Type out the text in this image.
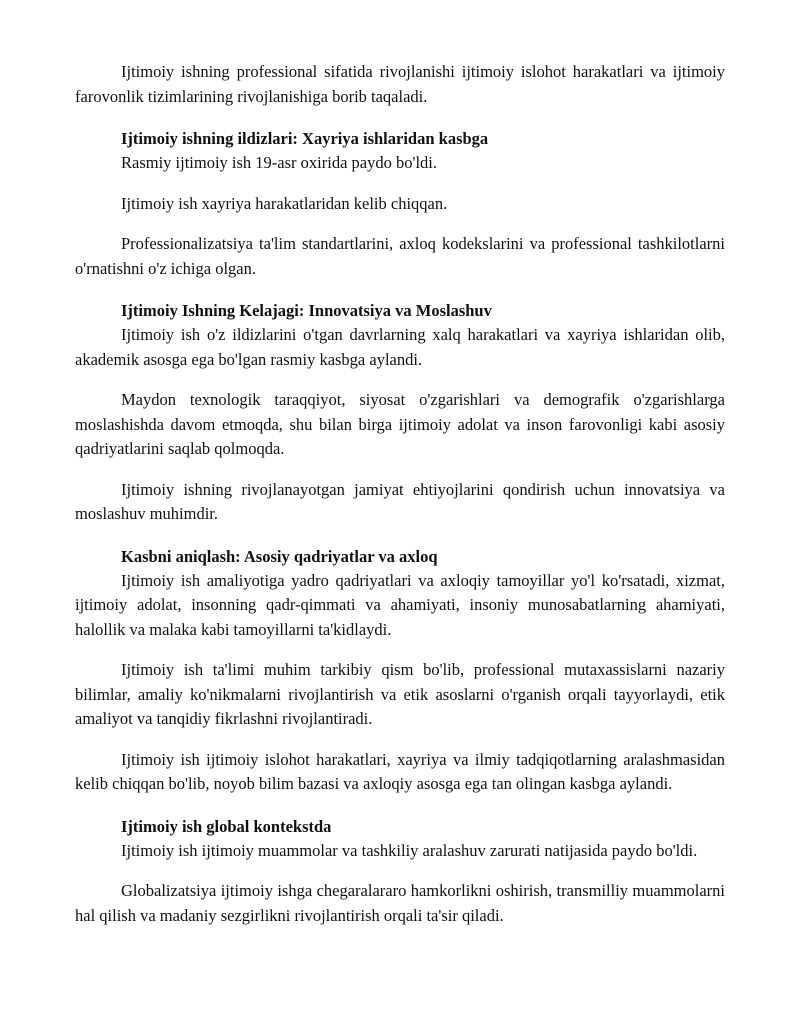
Ijtimoiy ishning professional sifatida rivojlanishi ijtimoiy islohot harakatlari va ijtimoiy farovonlik tizimlarining rivojlanishiga borib taqaladi.

Ijtimoiy ishning ildizlari: Xayriya ishlaridan kasbga

Rasmiy ijtimoiy ish 19-asr oxirida paydo bo'ldi.

Ijtimoiy ish xayriya harakatlaridan kelib chiqqan.

Professionalizatsiya ta'lim standartlarini, axloq kodekslarini va professional tashkilotlarni o'rnatishni o'z ichiga olgan.

Ijtimoiy Ishning Kelajagi: Innovatsiya va Moslashuv

Ijtimoiy ish o'z ildizlarini o'tgan davrlarning xalq harakatlari va xayriya ishlaridan olib, akademik asosga ega bo'lgan rasmiy kasbga aylandi.

Maydon texnologik taraqqiyot, siyosat o'zgarishlari va demografik o'zgarishlarga moslashishda davom etmoqda, shu bilan birga ijtimoiy adolat va inson farovonligi kabi asosiy qadriyatlarini saqlab qolmoqda.

Ijtimoiy ishning rivojlanayotgan jamiyat ehtiyojlarini qondirish uchun innovatsiya va moslashuv muhimdir.

Kasbni aniqlash: Asosiy qadriyatlar va axloq

Ijtimoiy ish amaliyotiga yadro qadriyatlari va axloqiy tamoyillar yo'l ko'rsatadi, xizmat, ijtimoiy adolat, insonning qadr-qimmati va ahamiyati, insoniy munosabatlarning ahamiyati, halollik va malaka kabi tamoyillarni ta'kidlaydi.

Ijtimoiy ish ta'limi muhim tarkibiy qism bo'lib, professional mutaxassislarni nazariy bilimlar, amaliy ko'nikmalarni rivojlantirish va etik asoslarni o'rganish orqali tayyorlaydi, etik amaliyot va tanqidiy fikrlashni rivojlantiradi.

Ijtimoiy ish ijtimoiy islohot harakatlari, xayriya va ilmiy tadqiqotlarning aralashmasidan kelib chiqqan bo'lib, noyob bilim bazasi va axloqiy asosga ega tan olingan kasbga aylandi.

Ijtimoiy ish global kontekstda

Ijtimoiy ish ijtimoiy muammolar va tashkiliy aralashuv zarurati natijasida paydo bo'ldi.

Globalizatsiya ijtimoiy ishga chegaralararo hamkorlikni oshirish, transmilliy muammolarni hal qilish va madaniy sezgirlikni rivojlantirish orqali ta'sir qiladi.
